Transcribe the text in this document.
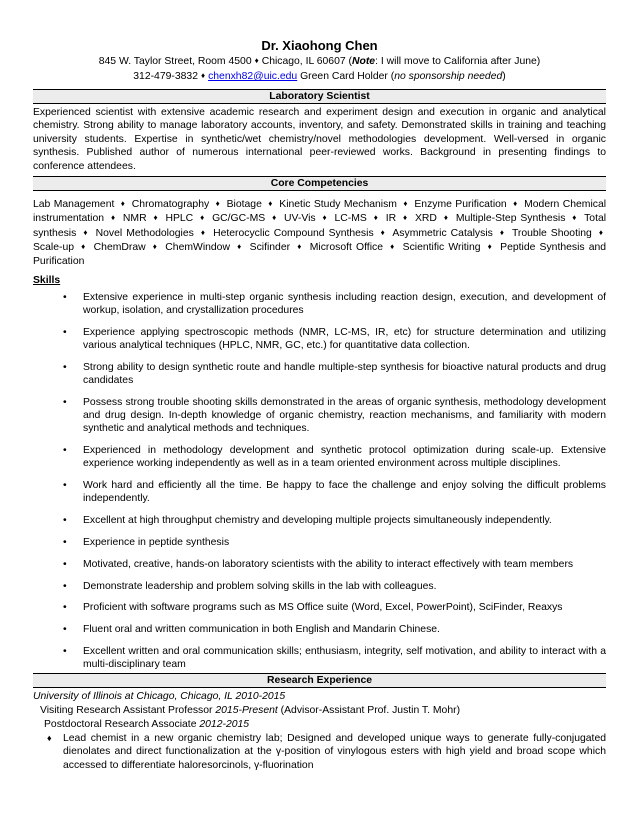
Dr. Xiaohong Chen
845 W. Taylor Street, Room 4500 ♦ Chicago, IL 60607 (Note: I will move to California after June)
312-479-3832 ♦ chenxh82@uic.edu Green Card Holder (no sponsorship needed)
Laboratory Scientist

Experienced scientist with extensive academic research and experiment design and execution in organic and analytical chemistry. Strong ability to manage laboratory accounts, inventory, and safety. Demonstrated skills in training and teaching university students. Expertise in synthetic/wet chemistry/novel methodologies development. Well-versed in organic synthesis. Published author of numerous international peer-reviewed works. Background in presenting findings to conference attendees.

Core Competencies
Lab Management ♦ Chromatography ♦ Biotage ♦ Kinetic Study Mechanism ♦ Enzyme Purification ♦ Modern Chemical instrumentation ♦ NMR ♦ HPLC ♦ GC/GC-MS ♦ UV-Vis ♦ LC-MS ♦ IR ♦ XRD ♦ Multiple-Step Synthesis ♦ Total synthesis ♦ Novel Methodologies ♦ Heterocyclic Compound Synthesis ♦ Asymmetric Catalysis ♦ Trouble Shooting ♦ Scale-up ♦ ChemDraw ♦ ChemWindow ♦ Scifinder ♦ Microsoft Office ♦ Scientific Writing ♦ Peptide Synthesis and Purification
Skills
• Extensive experience in multi-step organic synthesis including reaction design, execution, and development of workup, isolation, and crystallization procedures
• Experience applying spectroscopic methods (NMR, LC-MS, IR, etc) for structure determination and utilizing various analytical techniques (HPLC, NMR, GC, etc.) for quantitative data collection.
• Strong ability to design synthetic route and handle multiple-step synthesis for bioactive natural products and drug candidates
• Possess strong trouble shooting skills demonstrated in the areas of organic synthesis, methodology development and drug design. In-depth knowledge of organic chemistry, reaction mechanisms, and familiarity with modern synthetic and analytical methods and techniques.
• Experienced in methodology development and synthetic protocol optimization during scale-up. Extensive experience working independently as well as in a team oriented environment across multiple disciplines.
• Work hard and efficiently all the time. Be happy to face the challenge and enjoy solving the difficult problems independently.
• Excellent at high throughput chemistry and developing multiple projects simultaneously independently.
• Experience in peptide synthesis
• Motivated, creative, hands-on laboratory scientists with the ability to interact effectively with team members
• Demonstrate leadership and problem solving skills in the lab with colleagues.
• Proficient with software programs such as MS Office suite (Word, Excel, PowerPoint), SciFinder, Reaxys
• Fluent oral and written communication in both English and Mandarin Chinese.
• Excellent written and oral communication skills; enthusiasm, integrity, self motivation, and ability to interact with a multi-disciplinary team
Research Experience
University of Illinois at Chicago, Chicago, IL 2010-2015
Visiting Research Assistant Professor 2015-Present (Advisor-Assistant Prof. Justin T. Mohr)
Postdoctoral Research Associate 2012-2015
♦ Lead chemist in a new organic chemistry lab; Designed and developed unique ways to generate fully-conjugated dienolates and direct functionalization at the γ-position of vinylogous esters with high yield and broad scope which accessed to differentiate haloresorcinols, γ-fluorination
